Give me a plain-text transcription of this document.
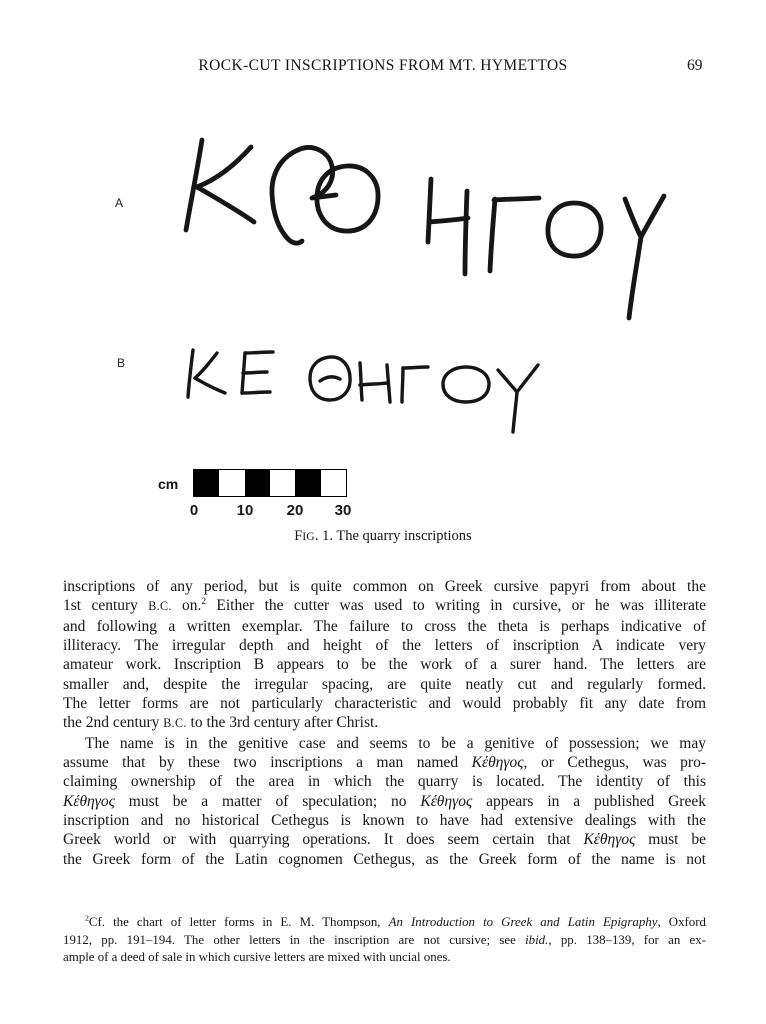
ROCK-CUT INSCRIPTIONS FROM MT. HYMETTOS	69
A
B
cm
0	10 20 30
FIG. 1. The quarry inscriptions
inscriptions of any period, but is quite common on Greek cursive papyri from about the
1st century B.C. on.$^2$ Either the cutter was used to writing in cursive, or he was illiterate
and following a written exemplar. The failure to cross the theta is perhaps indicative of
illiteracy. The irregular depth and height of the letters of inscription A indicate very
amateur work. Inscription B appears to be the work of a surer hand. The letters are
smaller and, despite the irregular spacing, are quite neatly cut and regularly formed.
The letter forms are not particularly characteristic and would probably fit any date from
the 2nd century B.C. to the 3rd century after Christ.
The name is in the genitive case and seems to be a genitive of possession; we may
assume that by these two inscriptions a man named Κέθηγος, or Cethegus, was pro-
claiming ownership of the area in which the quarry is located. The identity of this
Κέθηγος must be a matter of speculation; no Κέθηγος appears in a published Greek
inscription and no historical Cethegus is known to have had extensive dealings with the
Greek world or with quarrying operations. It does seem certain that Κέθηγος must be
the Greek form of the Latin cognomen Cethegus, as the Greek form of the name is not
$^2$Cf. the chart of letter forms in E. M. Thompson, An Introduction to Greek and Latin Epigraphy, Oxford
1912, pp. 191–194. The other letters in the inscription are not cursive; see ibid., pp. 138–139, for an ex-
ample of a deed of sale in which cursive letters are mixed with uncial ones.
